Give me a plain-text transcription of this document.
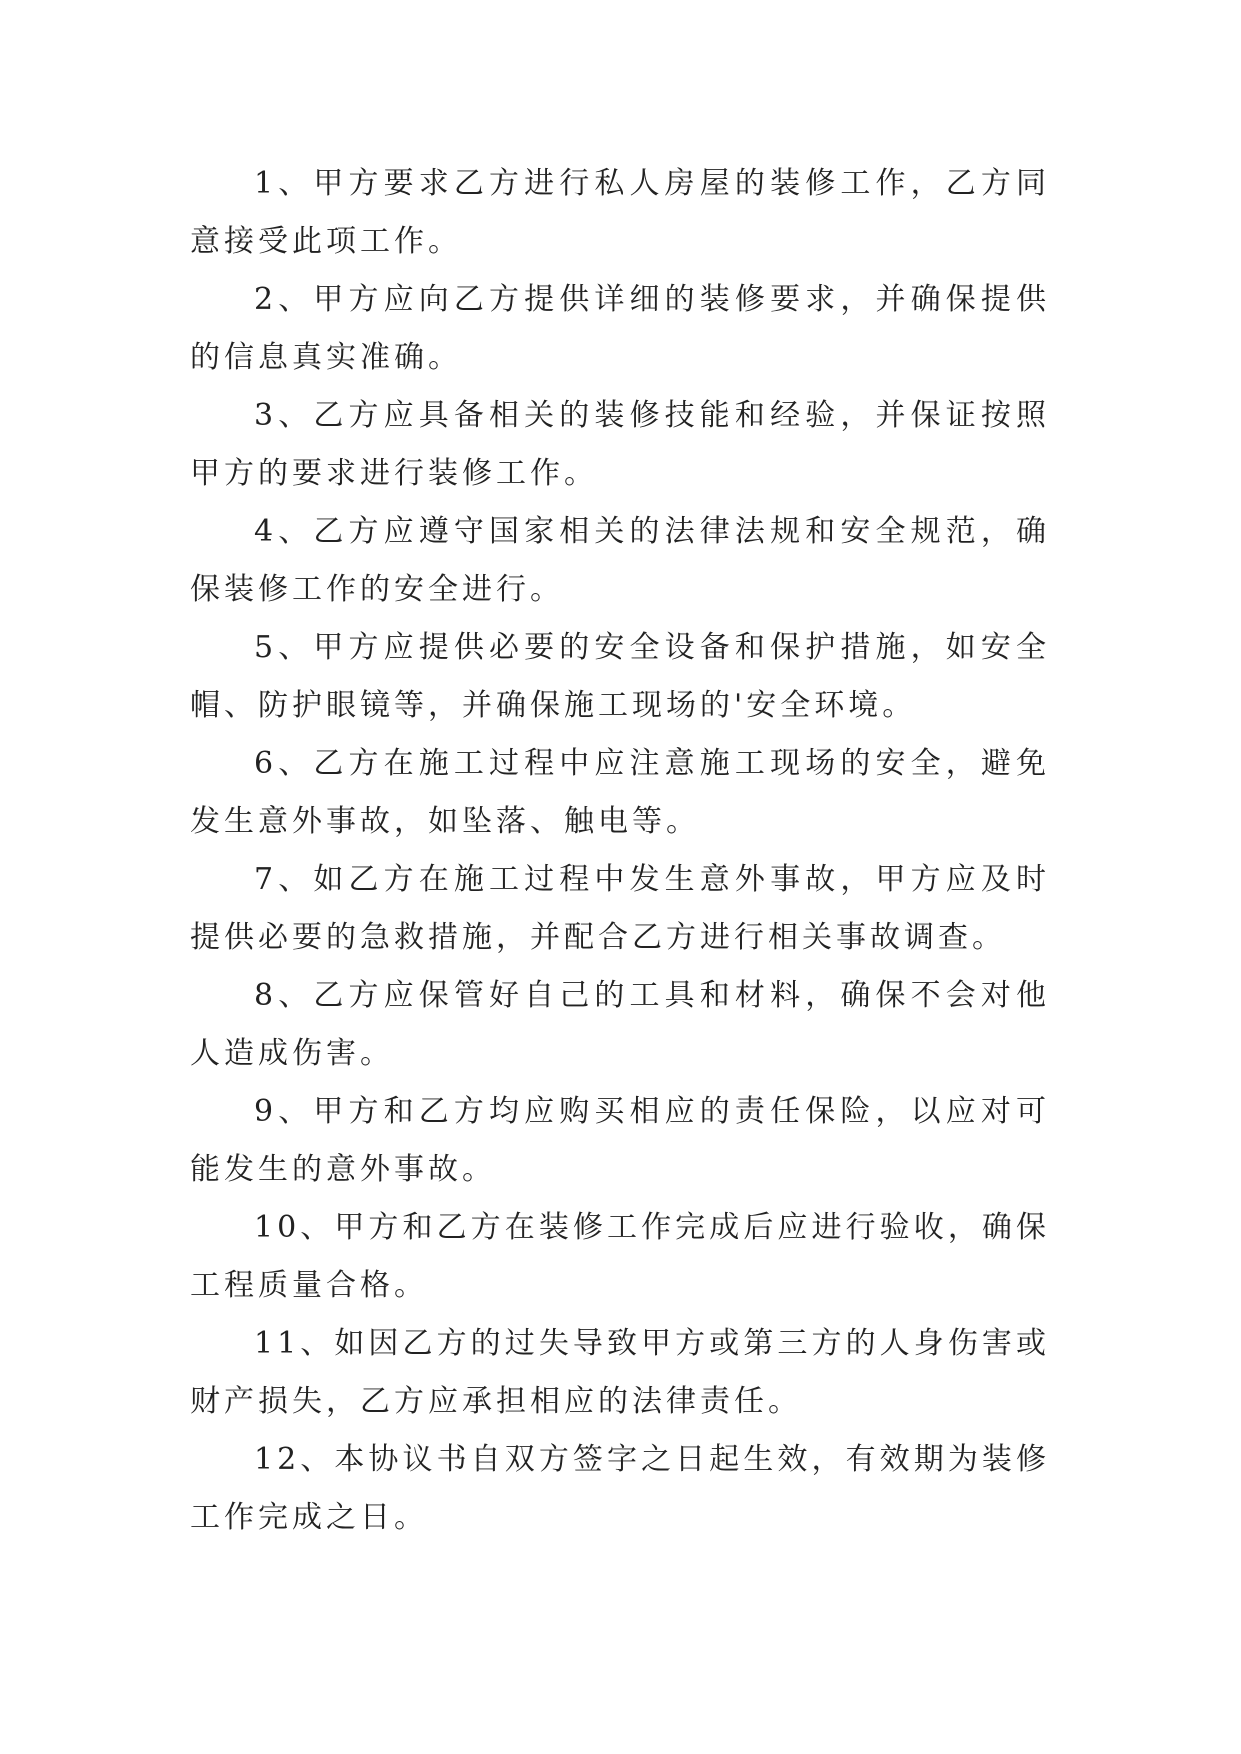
1、甲方要求乙方进行私人房屋的装修工作，乙方同意接受此项工作。

2、甲方应向乙方提供详细的装修要求，并确保提供的信息真实准确。

3、乙方应具备相关的装修技能和经验，并保证按照甲方的要求进行装修工作。

4、乙方应遵守国家相关的法律法规和安全规范，确保装修工作的安全进行。

5、甲方应提供必要的安全设备和保护措施，如安全帽、防护眼镜等，并确保施工现场的'安全环境。

6、乙方在施工过程中应注意施工现场的安全，避免发生意外事故，如坠落、触电等。

7、如乙方在施工过程中发生意外事故，甲方应及时提供必要的急救措施，并配合乙方进行相关事故调查。

8、乙方应保管好自己的工具和材料，确保不会对他人造成伤害。

9、甲方和乙方均应购买相应的责任保险，以应对可能发生的意外事故。

10、甲方和乙方在装修工作完成后应进行验收，确保工程质量合格。

11、如因乙方的过失导致甲方或第三方的人身伤害或财产损失，乙方应承担相应的法律责任。

12、本协议书自双方签字之日起生效，有效期为装修工作完成之日。
